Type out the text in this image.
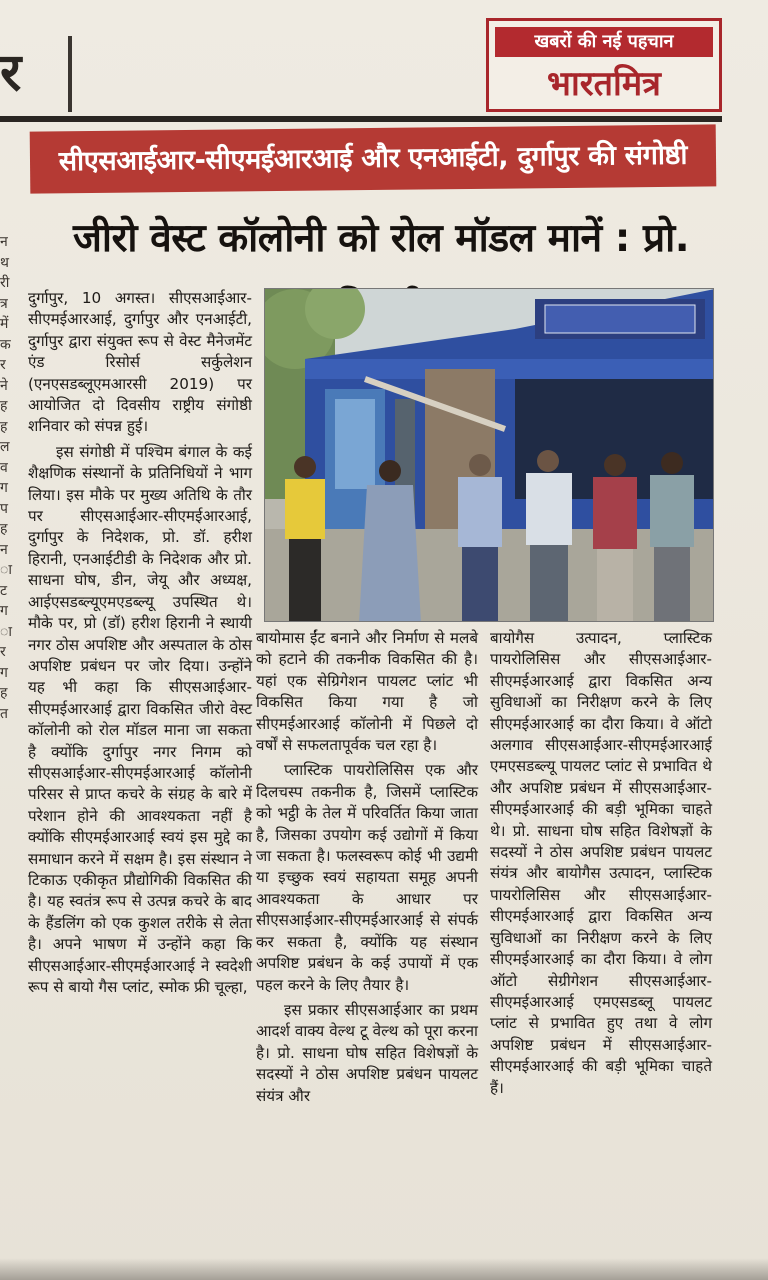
र
खबरों की नई पहचान
भारतमित्र
सीएसआईआर-सीएमईआरआई और एनआईटी, दुर्गापुर की संगोष्ठी
जीरो वेस्ट कॉलोनी को रोल मॉडल मानें : प्रो.
न
थ
री
त्र
में
क
र
ने
ह
ह
ल
व
ग
प
ह
न
ा
ट
ग
ा
र
ग
ह
त

दुर्गापुर, 10 अगस्त। सीएसआईआर-सीएमईआरआई, दुर्गापुर और एनआईटी, दुर्गापुर द्वारा संयुक्त रूप से वेस्ट मैनेजमेंट एंड रिसोर्स सर्कुलेशन (एनएसडब्लूएमआरसी 2019) पर आयोजित दो दिवसीय राष्ट्रीय संगोष्ठी शनिवार को संपन्न हुई।

इस संगोष्ठी में पश्चिम बंगाल के कई शैक्षणिक संस्थानों के प्रतिनिधियों ने भाग लिया। इस मौके पर मुख्य अतिथि के तौर पर सीएसआईआर-सीएमईआरआई, दुर्गापुर के निदेशक, प्रो. डॉ. हरीश हिरानी, एनआईटीडी के निदेशक और प्रो. साधना घोष, डीन, जेयू और अध्यक्ष, आईएसडब्ल्यूएमएडब्ल्यू उपस्थित थे। मौके पर, प्रो (डॉ) हरीश हिरानी ने स्थायी नगर ठोस अपशिष्ट और अस्पताल के ठोस अपशिष्ट प्रबंधन पर जोर दिया। उन्होंने यह भी कहा कि सीएसआईआर-सीएमईआरआई द्वारा विकसित जीरो वेस्ट कॉलोनी को रोल मॉडल माना जा सकता है क्योंकि दुर्गापुर नगर निगम को सीएसआईआर-सीएमईआरआई कॉलोनी परिसर से प्राप्त कचरे के संग्रह के बारे में परेशान होने की आवश्यकता नहीं है क्योंकि सीएमईआरआई स्वयं इस मुद्दे का समाधान करने में सक्षम है। इस संस्थान ने टिकाऊ एकीकृत प्रौद्योगिकी विकसित की है। यह स्वतंत्र रूप से उत्पन्न कचरे के बाद के हैंडलिंग को एक कुशल तरीके से लेता है। अपने भाषण में उन्होंने कहा कि सीएसआईआर-सीएमईआरआई ने स्वदेशी रूप से बायो गैस प्लांट, स्मोक फ्री चूल्हा,

बायोमास ईंट बनाने और निर्माण से मलबे को हटाने की तकनीक विकसित की है। यहां एक सेग्रिगेशन पायलट प्लांट भी विकसित किया गया है जो सीएमईआरआई कॉलोनी में पिछले दो वर्षों से सफलतापूर्वक चल रहा है।

प्लास्टिक पायरोलिसिस एक और दिलचस्प तकनीक है, जिसमें प्लास्टिक को भट्ठी के तेल में परिवर्तित किया जाता है, जिसका उपयोग कई उद्योगों में किया जा सकता है। फलस्वरूप कोई भी उद्यमी या इच्छुक स्वयं सहायता समूह अपनी आवश्यकता के आधार पर सीएसआईआर-सीएमईआरआई से संपर्क कर सकता है, क्योंकि यह संस्थान अपशिष्ट प्रबंधन के कई उपायों में एक पहल करने के लिए तैयार है।

इस प्रकार सीएसआईआर का प्रथम आदर्श वाक्य वेल्थ टू वेल्थ को पूरा करना है। प्रो. साधना घोष सहित विशेषज्ञों के सदस्यों ने ठोस अपशिष्ट प्रबंधन पायलट संयंत्र और

बायोगैस उत्पादन, प्लास्टिक पायरोलिसिस और सीएसआईआर-सीएमईआरआई द्वारा विकसित अन्य सुविधाओं का निरीक्षण करने के लिए सीएमईआरआई का दौरा किया। वे ऑटो अलगाव सीएसआईआर-सीएमईआरआई एमएसडब्ल्यू पायलट प्लांट से प्रभावित थे और अपशिष्ट प्रबंधन में सीएसआईआर-सीएमईआरआई की बड़ी भूमिका चाहते थे। प्रो. साधना घोष सहित विशेषज्ञों के सदस्यों ने ठोस अपशिष्ट प्रबंधन पायलट संयंत्र और बायोगैस उत्पादन, प्लास्टिक पायरोलिसिस और सीएसआईआर-सीएमईआरआई द्वारा विकसित अन्य सुविधाओं का निरीक्षण करने के लिए सीएमईआरआई का दौरा किया। वे लोग ऑटो सेग्रीगेशन सीएसआईआर-सीएमईआरआई एमएसडब्लू पायलट प्लांट से प्रभावित हुए तथा वे लोग अपशिष्ट प्रबंधन में सीएसआईआर-सीएमईआरआई की बड़ी भूमिका चाहते हैं।
